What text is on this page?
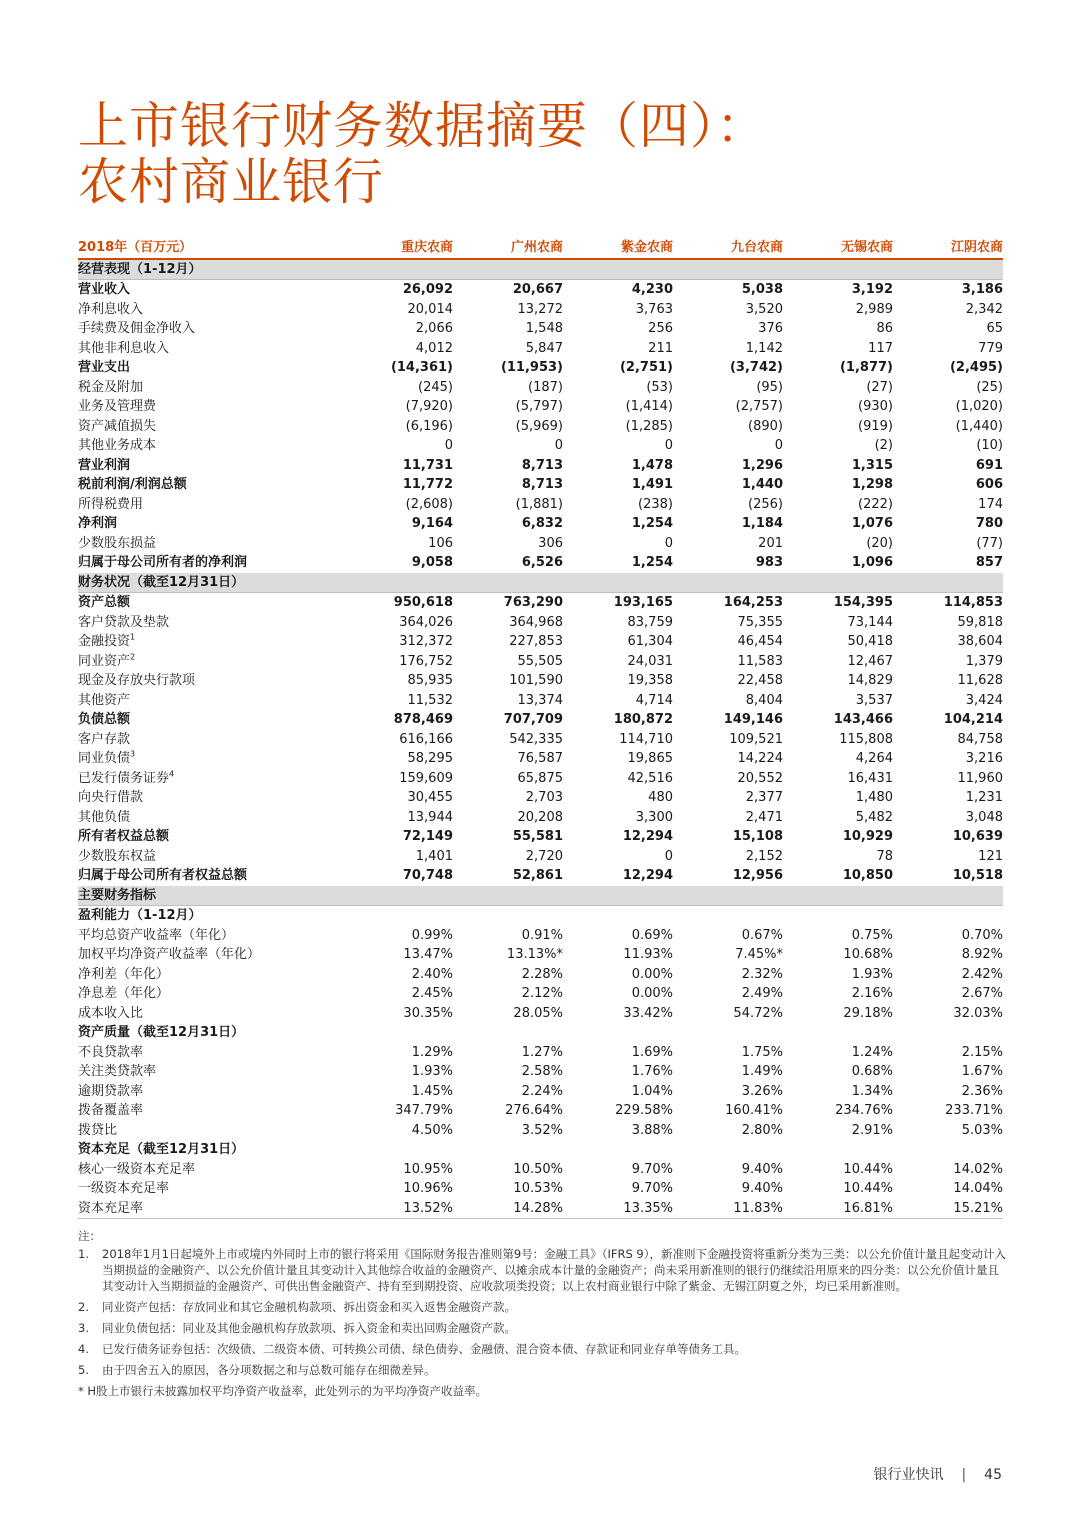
上市银行财务数据摘要（四）：
农村商业银行
2018年（百万元）	重庆农商	广州农商	紫金农商	九台农商	无锡农商	江阴农商
经营表现（1-12月）						
营业收入	26,092	20,667	4,230	5,038	3,192	3,186
净利息收入	20,014	13,272	3,763	3,520	2,989	2,342
手续费及佣金净收入	2,066	1,548	256	376	86	65
其他非利息收入	4,012	5,847	211	1,142	117	779
营业支出	(14,361)	(11,953)	(2,751)	(3,742)	(1,877)	(2,495)
税金及附加	(245)	(187)	(53)	(95)	(27)	(25)
业务及管理费	(7,920)	(5,797)	(1,414)	(2,757)	(930)	(1,020)
资产减值损失	(6,196)	(5,969)	(1,285)	(890)	(919)	(1,440)
其他业务成本	0	0	0	0	(2)	(10)
营业利润	11,731	8,713	1,478	1,296	1,315	691
税前利润/利润总额	11,772	8,713	1,491	1,440	1,298	606
所得税费用	(2,608)	(1,881)	(238)	(256)	(222)	174
净利润	9,164	6,832	1,254	1,184	1,076	780
少数股东损益	106	306	0	201	(20)	(77)
归属于母公司所有者的净利润	9,058	6,526	1,254	983	1,096	857
财务状况（截至12月31日）						
资产总额	950,618	763,290	193,165	164,253	154,395	114,853
客户贷款及垫款	364,026	364,968	83,759	75,355	73,144	59,818
金融投资$^1$	312,372	227,853	61,304	46,454	50,418	38,604
同业资产$^2$	176,752	55,505	24,031	11,583	12,467	1,379
现金及存放央行款项	85,935	101,590	19,358	22,458	14,829	11,628
其他资产	11,532	13,374	4,714	8,404	3,537	3,424
负债总额	878,469	707,709	180,872	149,146	143,466	104,214
客户存款	616,166	542,335	114,710	109,521	115,808	84,758
同业负债$^3$	58,295	76,587	19,865	14,224	4,264	3,216
已发行债务证券$^4$	159,609	65,875	42,516	20,552	16,431	11,960
向央行借款	30,455	2,703	480	2,377	1,480	1,231
其他负债	13,944	20,208	3,300	2,471	5,482	3,048
所有者权益总额	72,149	55,581	12,294	15,108	10,929	10,639
少数股东权益	1,401	2,720	0	2,152	78	121
归属于母公司所有者权益总额	70,748	52,861	12,294	12,956	10,850	10,518
主要财务指标						
盈利能力（1-12月）						
平均总资产收益率（年化）	0.99%	0.91%	0.69%	0.67%	0.75%	0.70%
加权平均净资产收益率（年化）	13.47%	13.13%*	11.93%	7.45%*	10.68%	8.92%
净利差（年化）	2.40%	2.28%	0.00%	2.32%	1.93%	2.42%
净息差（年化）	2.45%	2.12%	0.00%	2.49%	2.16%	2.67%
成本收入比	30.35%	28.05%	33.42%	54.72%	29.18%	32.03%
资产质量（截至12月31日）						
不良贷款率	1.29%	1.27%	1.69%	1.75%	1.24%	2.15%
关注类贷款率	1.93%	2.58%	1.76%	1.49%	0.68%	1.67%
逾期贷款率	1.45%	2.24%	1.04%	3.26%	1.34%	2.36%
拨备覆盖率	347.79%	276.64%	229.58%	160.41%	234.76%	233.71%
拨贷比	4.50%	3.52%	3.88%	2.80%	2.91%	5.03%
资本充足（截至12月31日）						
核心一级资本充足率	10.95%	10.50%	9.70%	9.40%	10.44%	14.02%
一级资本充足率	10.96%	10.53%	9.70%	9.40%	10.44%	14.04%
资本充足率	13.52%	14.28%	13.35%	11.83%	16.81%	15.21%
注：
1.	2018年1月1日起境外上市或境内外同时上市的银行将采用《国际财务报告准则第9号：金融工具》（IFRS 9），新准则下金融投资将重新分类为三类：以公允价值计量且起变动计入当期损益的金融资产、以公允价值计量且其变动计入其他综合收益的金融资产、以摊余成本计量的金融资产；尚未采用新准则的银行仍继续沿用原来的四分类：以公允价值计量且其变动计入当期损益的金融资产、可供出售金融资产、持有至到期投资、应收款项类投资；以上农村商业银行中除了紫金、无锡江阴夏之外，均已采用新准则。
2.	同业资产包括：存放同业和其它金融机构款项、拆出资金和买入返售金融资产款。
3.	同业负债包括：同业及其他金融机构存放款项、拆入资金和卖出回购金融资产款。
4.	已发行债务证券包括：次级债、二级资本债、可转换公司债、绿色债券、金融债、混合资本债、存款证和同业存单等债务工具。
5.	由于四舍五入的原因，各分项数据之和与总数可能存在细微差异。
* H股上市银行未披露加权平均净资产收益率，此处列示的为平均净资产收益率。
银行业快讯 | 45
